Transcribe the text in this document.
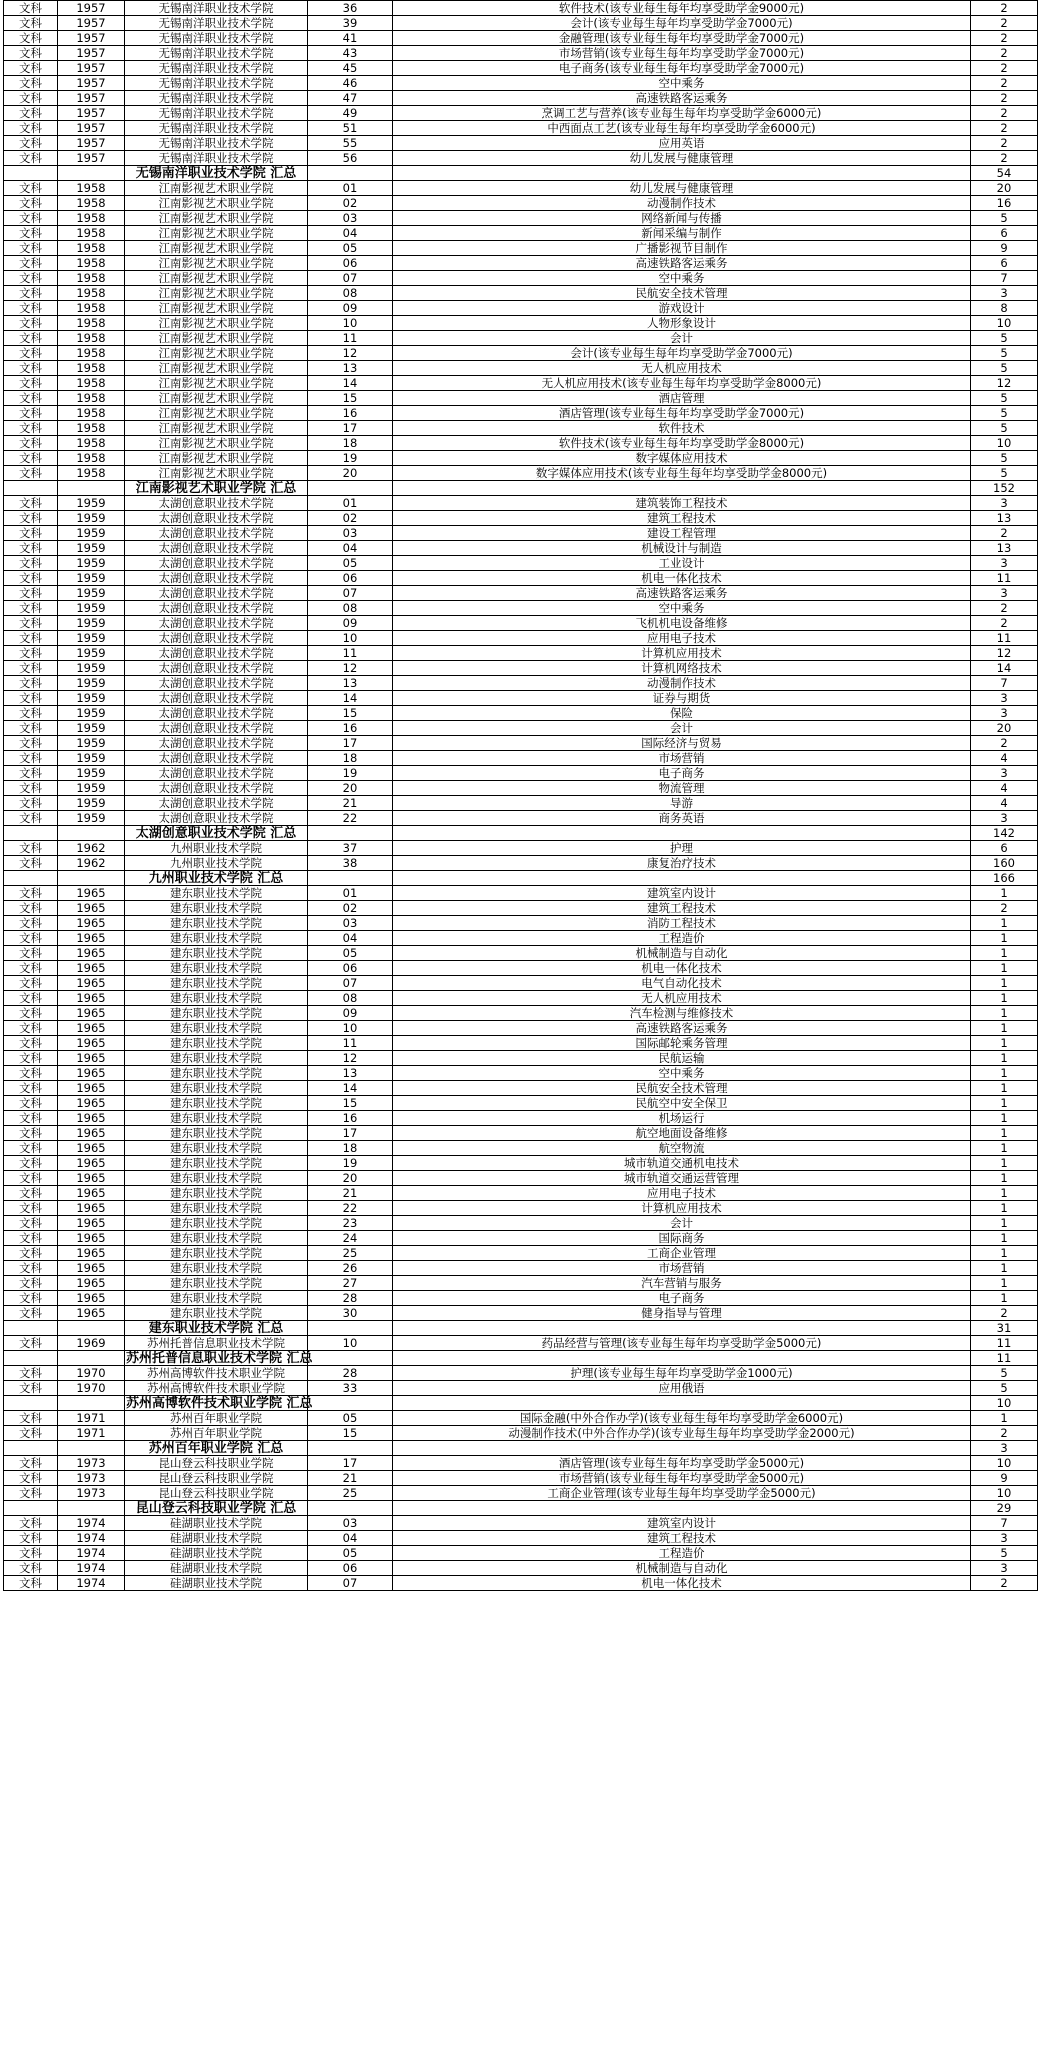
文科	1957	无锡南洋职业技术学院	36	软件技术(该专业每生每年均享受助学金9000元)	2
文科	1957	无锡南洋职业技术学院	39	会计(该专业每生每年均享受助学金7000元)	2
文科	1957	无锡南洋职业技术学院	41	金融管理(该专业每生每年均享受助学金7000元)	2
文科	1957	无锡南洋职业技术学院	43	市场营销(该专业每生每年均享受助学金7000元)	2
文科	1957	无锡南洋职业技术学院	45	电子商务(该专业每生每年均享受助学金7000元)	2
文科	1957	无锡南洋职业技术学院	46	空中乘务	2
文科	1957	无锡南洋职业技术学院	47	高速铁路客运乘务	2
文科	1957	无锡南洋职业技术学院	49	烹调工艺与营养(该专业每生每年均享受助学金6000元)	2
文科	1957	无锡南洋职业技术学院	51	中西面点工艺(该专业每生每年均享受助学金6000元)	2
文科	1957	无锡南洋职业技术学院	55	应用英语	2
文科	1957	无锡南洋职业技术学院	56	幼儿发展与健康管理	2
		无锡南洋职业技术学院 汇总			54
文科	1958	江南影视艺术职业学院	01	幼儿发展与健康管理	20
文科	1958	江南影视艺术职业学院	02	动漫制作技术	16
文科	1958	江南影视艺术职业学院	03	网络新闻与传播	5
文科	1958	江南影视艺术职业学院	04	新闻采编与制作	6
文科	1958	江南影视艺术职业学院	05	广播影视节目制作	9
文科	1958	江南影视艺术职业学院	06	高速铁路客运乘务	6
文科	1958	江南影视艺术职业学院	07	空中乘务	7
文科	1958	江南影视艺术职业学院	08	民航安全技术管理	3
文科	1958	江南影视艺术职业学院	09	游戏设计	8
文科	1958	江南影视艺术职业学院	10	人物形象设计	10
文科	1958	江南影视艺术职业学院	11	会计	5
文科	1958	江南影视艺术职业学院	12	会计(该专业每生每年均享受助学金7000元)	5
文科	1958	江南影视艺术职业学院	13	无人机应用技术	5
文科	1958	江南影视艺术职业学院	14	无人机应用技术(该专业每生每年均享受助学金8000元)	12
文科	1958	江南影视艺术职业学院	15	酒店管理	5
文科	1958	江南影视艺术职业学院	16	酒店管理(该专业每生每年均享受助学金7000元)	5
文科	1958	江南影视艺术职业学院	17	软件技术	5
文科	1958	江南影视艺术职业学院	18	软件技术(该专业每生每年均享受助学金8000元)	10
文科	1958	江南影视艺术职业学院	19	数字媒体应用技术	5
文科	1958	江南影视艺术职业学院	20	数字媒体应用技术(该专业每生每年均享受助学金8000元)	5
		江南影视艺术职业学院 汇总			152
文科	1959	太湖创意职业技术学院	01	建筑装饰工程技术	3
文科	1959	太湖创意职业技术学院	02	建筑工程技术	13
文科	1959	太湖创意职业技术学院	03	建设工程管理	2
文科	1959	太湖创意职业技术学院	04	机械设计与制造	13
文科	1959	太湖创意职业技术学院	05	工业设计	3
文科	1959	太湖创意职业技术学院	06	机电一体化技术	11
文科	1959	太湖创意职业技术学院	07	高速铁路客运乘务	3
文科	1959	太湖创意职业技术学院	08	空中乘务	2
文科	1959	太湖创意职业技术学院	09	飞机机电设备维修	2
文科	1959	太湖创意职业技术学院	10	应用电子技术	11
文科	1959	太湖创意职业技术学院	11	计算机应用技术	12
文科	1959	太湖创意职业技术学院	12	计算机网络技术	14
文科	1959	太湖创意职业技术学院	13	动漫制作技术	7
文科	1959	太湖创意职业技术学院	14	证券与期货	3
文科	1959	太湖创意职业技术学院	15	保险	3
文科	1959	太湖创意职业技术学院	16	会计	20
文科	1959	太湖创意职业技术学院	17	国际经济与贸易	2
文科	1959	太湖创意职业技术学院	18	市场营销	4
文科	1959	太湖创意职业技术学院	19	电子商务	3
文科	1959	太湖创意职业技术学院	20	物流管理	4
文科	1959	太湖创意职业技术学院	21	导游	4
文科	1959	太湖创意职业技术学院	22	商务英语	3
		太湖创意职业技术学院 汇总			142
文科	1962	九州职业技术学院	37	护理	6
文科	1962	九州职业技术学院	38	康复治疗技术	160
		九州职业技术学院 汇总			166
文科	1965	建东职业技术学院	01	建筑室内设计	1
文科	1965	建东职业技术学院	02	建筑工程技术	2
文科	1965	建东职业技术学院	03	消防工程技术	1
文科	1965	建东职业技术学院	04	工程造价	1
文科	1965	建东职业技术学院	05	机械制造与自动化	1
文科	1965	建东职业技术学院	06	机电一体化技术	1
文科	1965	建东职业技术学院	07	电气自动化技术	1
文科	1965	建东职业技术学院	08	无人机应用技术	1
文科	1965	建东职业技术学院	09	汽车检测与维修技术	1
文科	1965	建东职业技术学院	10	高速铁路客运乘务	1
文科	1965	建东职业技术学院	11	国际邮轮乘务管理	1
文科	1965	建东职业技术学院	12	民航运输	1
文科	1965	建东职业技术学院	13	空中乘务	1
文科	1965	建东职业技术学院	14	民航安全技术管理	1
文科	1965	建东职业技术学院	15	民航空中安全保卫	1
文科	1965	建东职业技术学院	16	机场运行	1
文科	1965	建东职业技术学院	17	航空地面设备维修	1
文科	1965	建东职业技术学院	18	航空物流	1
文科	1965	建东职业技术学院	19	城市轨道交通机电技术	1
文科	1965	建东职业技术学院	20	城市轨道交通运营管理	1
文科	1965	建东职业技术学院	21	应用电子技术	1
文科	1965	建东职业技术学院	22	计算机应用技术	1
文科	1965	建东职业技术学院	23	会计	1
文科	1965	建东职业技术学院	24	国际商务	1
文科	1965	建东职业技术学院	25	工商企业管理	1
文科	1965	建东职业技术学院	26	市场营销	1
文科	1965	建东职业技术学院	27	汽车营销与服务	1
文科	1965	建东职业技术学院	28	电子商务	1
文科	1965	建东职业技术学院	30	健身指导与管理	2
		建东职业技术学院 汇总			31
文科	1969	苏州托普信息职业技术学院	10	药品经营与管理(该专业每生每年均享受助学金5000元)	11
		苏州托普信息职业技术学院 汇总			11
文科	1970	苏州高博软件技术职业学院	28	护理(该专业每生每年均享受助学金1000元)	5
文科	1970	苏州高博软件技术职业学院	33	应用俄语	5
		苏州高博软件技术职业学院 汇总			10
文科	1971	苏州百年职业学院	05	国际金融(中外合作办学)(该专业每生每年均享受助学金6000元)	1
文科	1971	苏州百年职业学院	15	动漫制作技术(中外合作办学)(该专业每生每年均享受助学金2000元)	2
		苏州百年职业学院 汇总			3
文科	1973	昆山登云科技职业学院	17	酒店管理(该专业每生每年均享受助学金5000元)	10
文科	1973	昆山登云科技职业学院	21	市场营销(该专业每生每年均享受助学金5000元)	9
文科	1973	昆山登云科技职业学院	25	工商企业管理(该专业每生每年均享受助学金5000元)	10
		昆山登云科技职业学院 汇总			29
文科	1974	硅湖职业技术学院	03	建筑室内设计	7
文科	1974	硅湖职业技术学院	04	建筑工程技术	3
文科	1974	硅湖职业技术学院	05	工程造价	5
文科	1974	硅湖职业技术学院	06	机械制造与自动化	3
文科	1974	硅湖职业技术学院	07	机电一体化技术	2
